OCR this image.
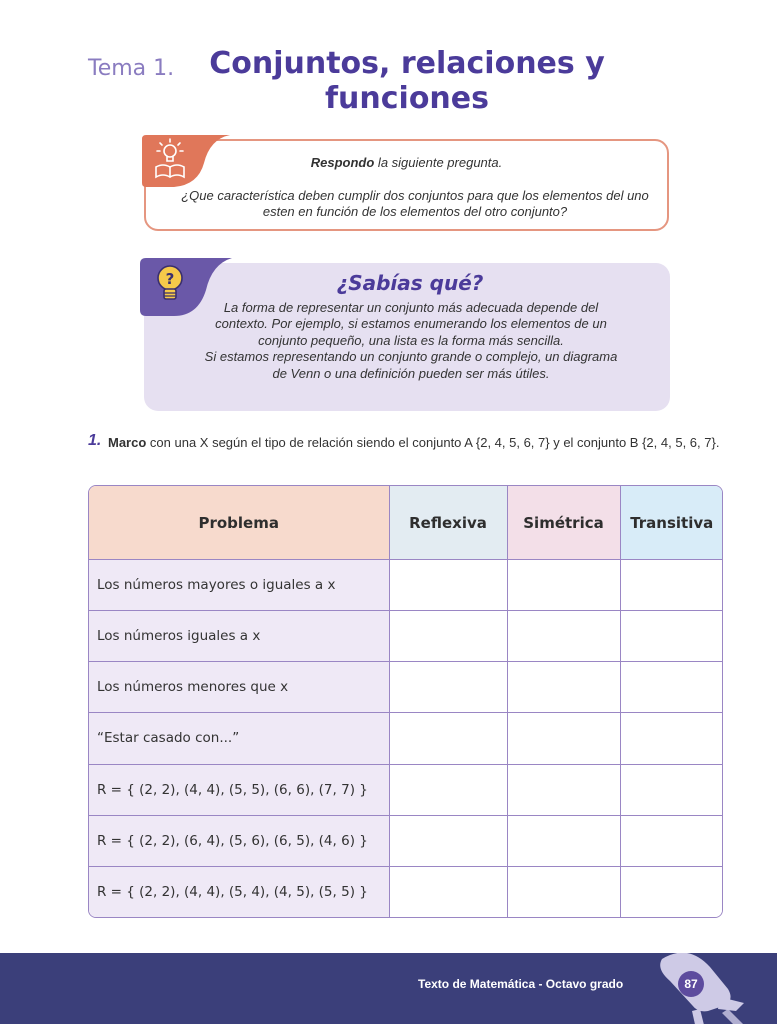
Tema 1.	Conjuntos, relaciones y funciones
Respondo la siguiente pregunta.
¿Que característica deben cumplir dos conjuntos para que los elementos del uno esten en función de los elementos del otro conjunto?
?	¿Sabías qué?
La forma de representar un conjunto más adecuada depende del contexto. Por ejemplo, si estamos enumerando los elementos de un conjunto pequeño, una lista es la forma más sencilla.
Si estamos representando un conjunto grande o complejo, un diagrama de Venn o una definición pueden ser más útiles.
1. Marco con una X según el tipo de relación siendo el conjunto A {2, 4, 5, 6, 7} y el conjunto B {2, 4, 5, 6, 7}.
Problema	Reflexiva	Simétrica	Transitiva
Los números mayores o iguales a x			
Los números iguales a x			
Los números menores que x			
“Estar casado con...”			
R = { (2, 2), (4, 4), (5, 5), (6, 6), (7, 7) }			
R = { (2, 2), (6, 4), (5, 6), (6, 5), (4, 6) }			
R = { (2, 2), (4, 4), (5, 4), (4, 5), (5, 5) }			
Texto de Matemática - Octavo grado	87
